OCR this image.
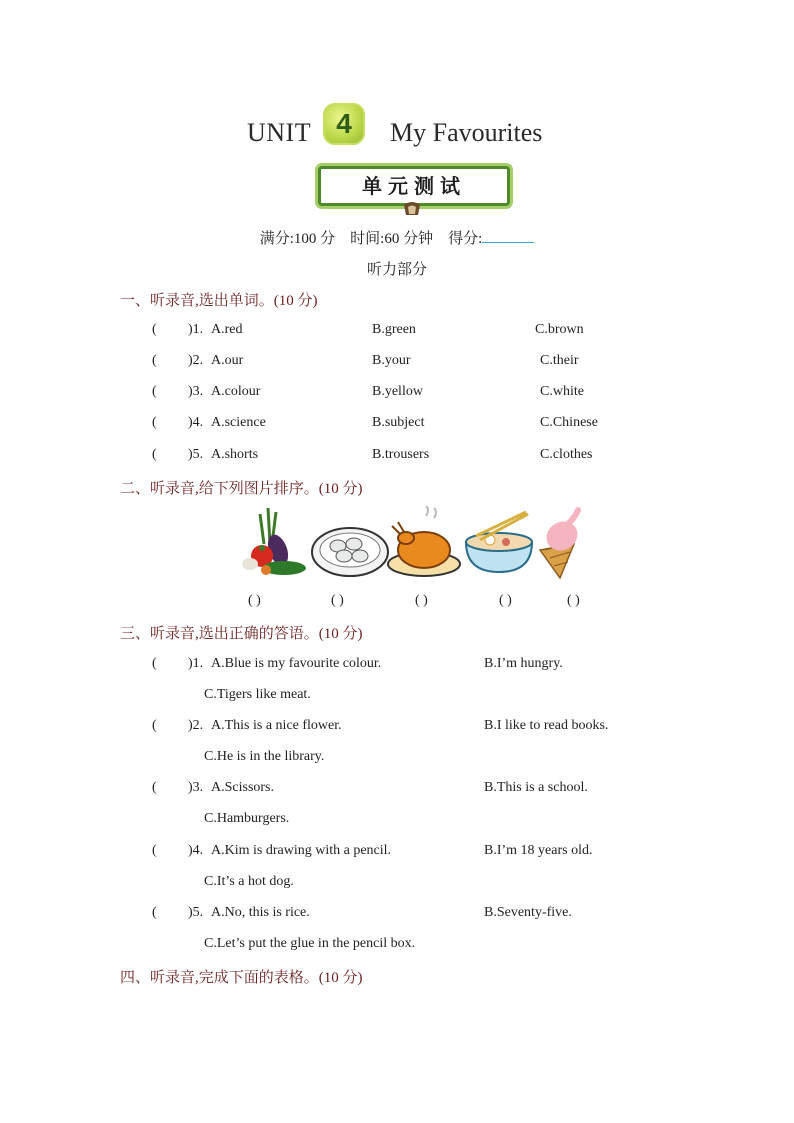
UNIT 4	My Favourites
单元测试
满分:100 分 时间:60 分钟 得分:
听力部分
一、听录音,选出单词。(10 分)
( )1. A.red	B.green	C.brown
( )2. A.our	B.your	C.their
( )3. A.colour	B.yellow	C.white
( )4. A.science	B.subject	C.Chinese
( )5. A.shorts	B.trousers	C.clothes
二、听录音,给下列图片排序。(10 分)
( )	( )	( )	( )	( )
三、听录音,选出正确的答语。(10 分)
( )1. A.Blue is my favourite colour.	B.I’m hungry.
C.Tigers like meat.
( )2. A.This is a nice flower.	B.I like to read books.
C.He is in the library.
( )3. A.Scissors.	B.This is a school.
C.Hamburgers.
( )4. A.Kim is drawing with a pencil.	B.I’m 18 years old.
C.It’s a hot dog.
( )5. A.No, this is rice.	B.Seventy-five.
C.Let’s put the glue in the pencil box.
四、听录音,完成下面的表格。(10 分)
